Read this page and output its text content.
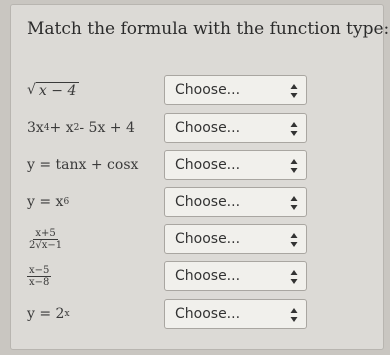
Match the formula with the function type:
√ x − 4	Choose...
3x 4 + x 2 - 5x + 4	Choose...
y = tanx + cosx	Choose...
y = x 6	Choose...
$\frac{x+5}{2√x-1}$	Choose...
$\frac{x-5}{x-8}$	Choose...
y = 2 x	Choose...
